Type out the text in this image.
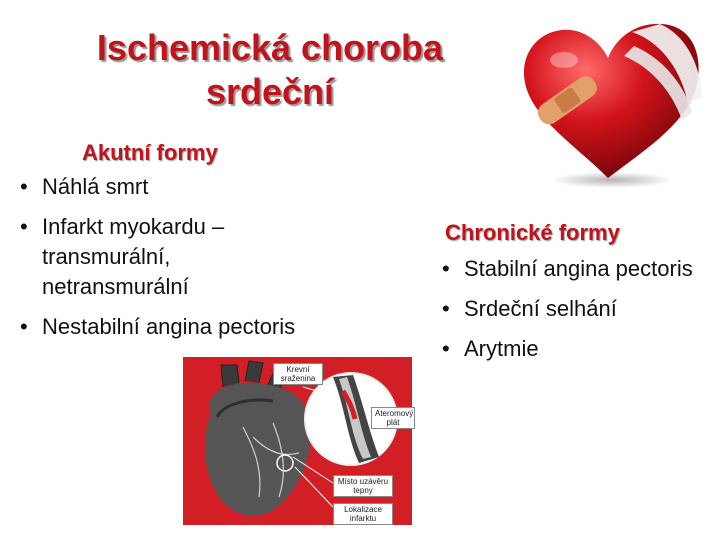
Ischemická choroba
srdeční
Akutní formy
• Náhlá smrt
• Infarkt myokardu – transmurální, netransmurální
• Nestabilní angina pectoris
Chronické formy
• Stabilní angina pectoris
• Srdeční selhání
• Arytmie
Krevní sraženina
Ateromový plát
Místo uzávěru tepny
Lokalizace infarktu
